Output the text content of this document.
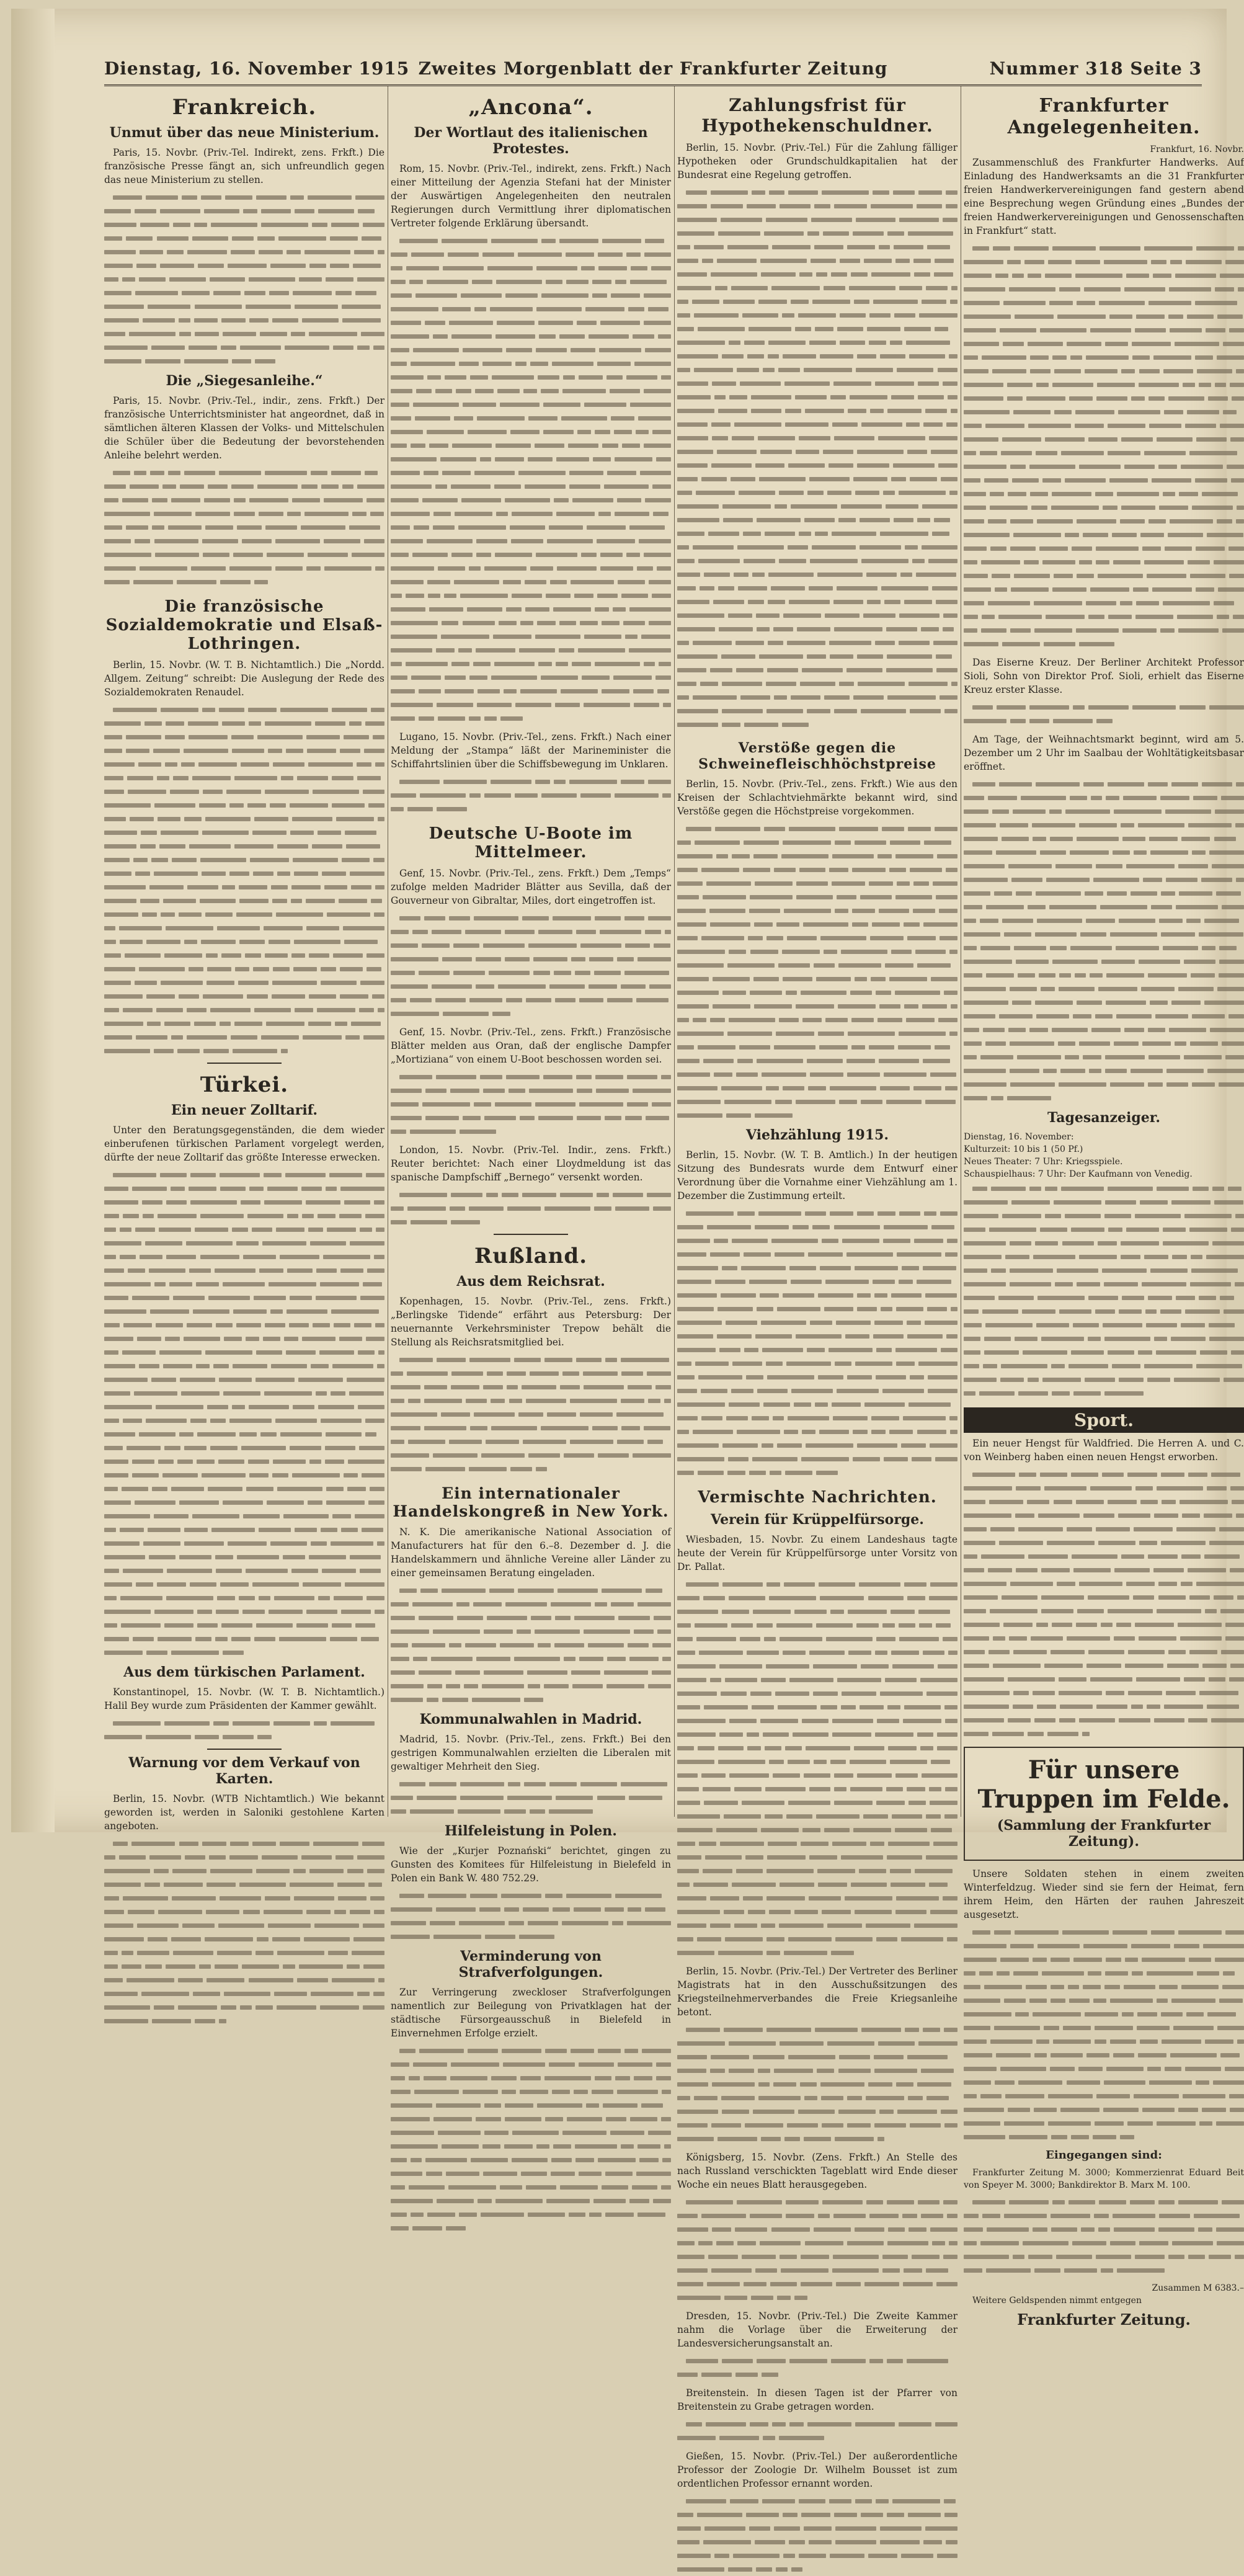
Dienstag, 16. November 1915 Zweites Morgenblatt der Frankfurter Zeitung	Nummer 318 Seite 3
Frankreich.
Unmut über das neue Ministerium.

Paris, 15. Novbr. (Priv.-Tel. Indirekt, zens. Frkft.) Die französische Presse fängt an, sich unfreundlich gegen das neue Ministerium zu stellen.

Die „Siegesanleihe.“

Paris, 15. Novbr. (Priv.-Tel., indir., zens. Frkft.) Der französische Unterrichtsminister hat angeordnet, daß in sämtlichen älteren Klassen der Volks- und Mittelschulen die Schüler über die Bedeutung der bevorstehenden Anleihe belehrt werden.

Die französische Sozialdemokratie und Elsaß-Lothringen.

Berlin, 15. Novbr. (W. T. B. Nichtamtlich.) Die „Nordd. Allgem. Zeitung“ schreibt: Die Auslegung der Rede des Sozialdemokraten Renaudel.

Türkei.
Ein neuer Zolltarif.

Unter den Beratungsgegenständen, die dem wieder einberufenen türkischen Parlament vorgelegt werden, dürfte der neue Zolltarif das größte Interesse erwecken.

Aus dem türkischen Parlament.

Konstantinopel, 15. Novbr. (W. T. B. Nichtamtlich.) Halil Bey wurde zum Präsidenten der Kammer gewählt.

Warnung vor dem Verkauf von Karten.

Berlin, 15. Novbr. (WTB Nichtamtlich.) Wie bekannt geworden ist, werden in Saloniki gestohlene Karten angeboten.

„Ancona“.
Der Wortlaut des italienischen Protestes.

Rom, 15. Novbr. (Priv.-Tel., indirekt, zens. Frkft.) Nach einer Mitteilung der Agenzia Stefani hat der Minister der Auswärtigen Angelegenheiten den neutralen Regierungen durch Vermittlung ihrer diplomatischen Vertreter folgende Erklärung übersandt.

Lugano, 15. Novbr. (Priv.-Tel., zens. Frkft.) Nach einer Meldung der „Stampa“ läßt der Marineminister die Schiffahrtslinien über die Schiffsbewegung im Unklaren.

Deutsche U-Boote im Mittelmeer.

Genf, 15. Novbr. (Priv.-Tel., zens. Frkft.) Dem „Temps“ zufolge melden Madrider Blätter aus Sevilla, daß der Gouverneur von Gibraltar, Miles, dort eingetroffen ist.

Genf, 15. Novbr. (Priv.-Tel., zens. Frkft.) Französische Blätter melden aus Oran, daß der englische Dampfer „Mortiziana“ von einem U-Boot beschossen worden sei.

London, 15. Novbr. (Priv.-Tel. Indir., zens. Frkft.) Reuter berichtet: Nach einer Lloydmeldung ist das spanische Dampfschiff „Bernego“ versenkt worden.

Rußland.
Aus dem Reichsrat.

Kopenhagen, 15. Novbr. (Priv.-Tel., zens. Frkft.) „Berlingske Tidende“ erfährt aus Petersburg: Der neuernannte Verkehrsminister Trepow behält die Stellung als Reichsratsmitglied bei.

Ein internationaler Handelskongreß in New York.

N. K. Die amerikanische National Association of Manufacturers hat für den 6.–8. Dezember d. J. die Handelskammern und ähnliche Vereine aller Länder zu einer gemeinsamen Beratung eingeladen.

Kommunalwahlen in Madrid.

Madrid, 15. Novbr. (Priv.-Tel., zens. Frkft.) Bei den gestrigen Kommunalwahlen erzielten die Liberalen mit gewaltiger Mehrheit den Sieg.

Hilfeleistung in Polen.

Wie der „Kurjer Poznański“ berichtet, gingen zu Gunsten des Komitees für Hilfeleistung in Bielefeld in Polen ein Bank W. 480 752.29.

Verminderung von Strafverfolgungen.

Zur Verringerung zweckloser Strafverfolgungen namentlich zur Beilegung von Privatklagen hat der städtische Fürsorgeausschuß in Bielefeld in Einvernehmen Erfolge erzielt.

Zahlungsfrist für Hypothekenschuldner.

Berlin, 15. Novbr. (Priv.-Tel.) Für die Zahlung fälliger Hypotheken oder Grundschuldkapitalien hat der Bundesrat eine Regelung getroffen.

Verstöße gegen die Schweinefleischhöchstpreise

Berlin, 15. Novbr. (Priv.-Tel., zens. Frkft.) Wie aus den Kreisen der Schlachtviehmärkte bekannt wird, sind Verstöße gegen die Höchstpreise vorgekommen.

Viehzählung 1915.

Berlin, 15. Novbr. (W. T. B. Amtlich.) In der heutigen Sitzung des Bundesrats wurde dem Entwurf einer Verordnung über die Vornahme einer Viehzählung am 1. Dezember die Zustimmung erteilt.

Vermischte Nachrichten.
Verein für Krüppelfürsorge.

Wiesbaden, 15. Novbr. Zu einem Landeshaus tagte heute der Verein für Krüppelfürsorge unter Vorsitz von Dr. Pallat.

Berlin, 15. Novbr. (Priv.-Tel.) Der Vertreter des Berliner Magistrats hat in den Ausschußsitzungen des Kriegsteilnehmerverbandes die Freie Kriegsanleihe betont.

Königsberg, 15. Novbr. (Zens. Frkft.) An Stelle des nach Russland verschickten Tageblatt wird Ende dieser Woche ein neues Blatt herausgegeben.

Dresden, 15. Novbr. (Priv.-Tel.) Die Zweite Kammer nahm die Vorlage über die Erweiterung der Landesversicherungsanstalt an.

Breitenstein. In diesen Tagen ist der Pfarrer von Breitenstein zu Grabe getragen worden.

Gießen, 15. Novbr. (Priv.-Tel.) Der außerordentliche Professor der Zoologie Dr. Wilhelm Bousset ist zum ordentlichen Professor ernannt worden.

Frankfurter Angelegenheiten.
Frankfurt, 16. Novbr.

Zusammenschluß des Frankfurter Handwerks. Auf Einladung des Handwerksamts an die 31 Frankfurter freien Handwerkervereinigungen fand gestern abend eine Besprechung wegen Gründung eines „Bundes der freien Handwerkervereinigungen und Genossenschaften in Frankfurt“ statt.

Das Eiserne Kreuz. Der Berliner Architekt Professor Sioli, Sohn von Direktor Prof. Sioli, erhielt das Eiserne Kreuz erster Klasse.

Am Tage, der Weihnachtsmarkt beginnt, wird am 5. Dezember um 2 Uhr im Saalbau der Wohltätigkeitsbasar eröffnet.

Tagesanzeiger.
Dienstag, 16. November:
Kulturzeit: 10 bis 1 (50 Pf.)
Neues Theater: 7 Uhr: Kriegsspiele.
Schauspielhaus: 7 Uhr: Der Kaufmann von Venedig.
Sport.

Ein neuer Hengst für Waldfried. Die Herren A. und C. von Weinberg haben einen neuen Hengst erworben.

Für unsere Truppen im Felde.
(Sammlung der Frankfurter Zeitung).

Unsere Soldaten stehen in einem zweiten Winterfeldzug. Wieder sind sie fern der Heimat, fern ihrem Heim, den Härten der rauhen Jahreszeit ausgesetzt.

Eingegangen sind:

Frankfurter Zeitung M. 3000; Kommerzienrat Eduard Beit von Speyer M. 3000; Bankdirektor B. Marx M. 100.

Zusammen M 6383.–

Weitere Geldspenden nimmt entgegen

Frankfurter Zeitung.
